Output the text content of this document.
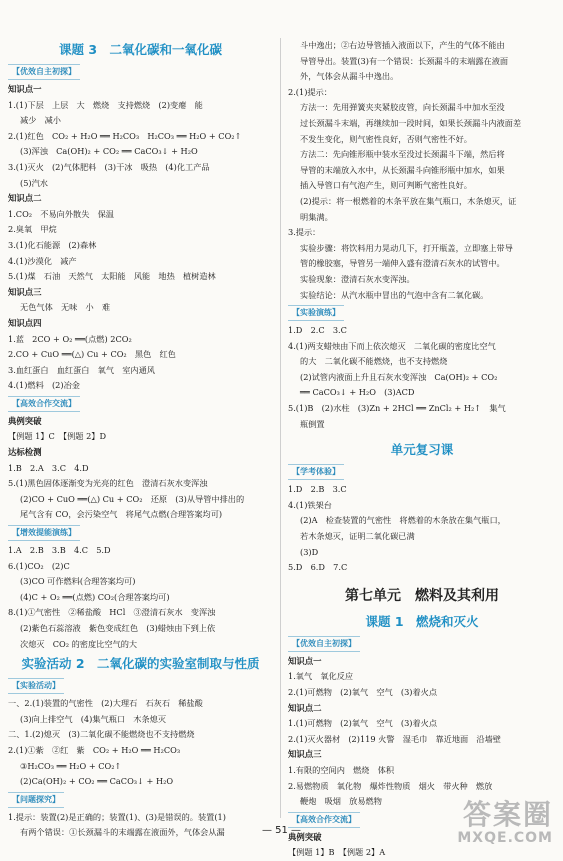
课题 3　二氧化碳和一氧化碳
【优效自主初探】
知识点一
1.(1)下层　上层　大　燃烧　支持燃烧　(2)变瘪　能
减少　减小
2.(1)红色　CO₂ + H₂O ══ H₂CO₃　H₂CO₃ ══ H₂O + CO₂↑
(3)浑浊　Ca(OH)₂ + CO₂ ══ CaCO₃↓ + H₂O
3.(1)灭火　(2)气体肥料　(3)干冰　吸热　(4)化工产品
(5)汽水
知识点二
1.CO₂　不易向外散失　保温
2.臭氧　甲烷
3.(1)化石能源　(2)森林
4.(1)沙漠化　减产
5.(1)煤　石油　天然气　太阳能　风能　地热　植树造林
知识点三
无色气体　无味　小　难
知识点四
1.蓝　2CO + O₂ ══(点燃) 2CO₂
2.CO + CuO ══(△) Cu + CO₂　黑色　红色
3.血红蛋白　血红蛋白　氧气　室内通风
4.(1)燃料　(2)冶金
【高效合作交流】
典例突破
【例题 1】C　【例题 2】D
达标检测
1.B　2.A　3.C　4.D
5.(1)黑色固体逐渐变为光亮的红色　澄清石灰水变浑浊
(2)CO + CuO ══(△) Cu + CO₂　还原　(3)从导管中排出的
尾气含有 CO，会污染空气　将尾气点燃(合理答案均可)
【增效提能演练】
1.A　2.B　3.B　4.C　5.D
6.(1)CO₂　(2)C
(3)CO 可作燃料(合理答案均可)
(4)C + O₂ ══(点燃) CO₂(合理答案均可)
8.(1)①气密性　②稀盐酸　HCl　③澄清石灰水　变浑浊
(2)紫色石蕊溶液　紫色变成红色　(3)蜡烛由下到上依
次熄灭　CO₂ 的密度比空气的大
实验活动 2　二氧化碳的实验室制取与性质
【实验活动】
一、2.(1)装置的气密性　(2)大理石　石灰石　稀盐酸
(3)向上排空气　(4)集气瓶口　木条熄灭
二、1.(2)熄灭　(3)二氧化碳不能燃烧也不支持燃烧
2.(1)①紫　②红　紫　CO₂ + H₂O ══ H₂CO₃
③H₂CO₃ ══ H₂O + CO₂↑
(2)Ca(OH)₂ + CO₂ ══ CaCO₃↓ + H₂O
【问题探究】
1.提示：装置(2)是正确的；装置(1)、(3)是错误的。装置(1)
有两个错误：①长颈漏斗的末端露在液面外，气体会从漏
斗中逸出；②右边导管插入液面以下，产生的气体不能由
导管导出。装置(3)有一个错误：长颈漏斗的末端露在液面
外，气体会从漏斗中逸出。
2.(1)提示：
方法一：先用弹簧夹夹紧胶皮管，向长颈漏斗中加水至没
过长颈漏斗末端，再继续加一段时间，如果长颈漏斗内液面差
不发生变化，则气密性良好，否则气密性不好。
方法二：先向锥形瓶中装水至没过长颈漏斗下端，然后将
导管的末端放入水中，从长颈漏斗向锥形瓶中加水，如果
插入导管口有气泡产生，则可判断气密性良好。
(2)提示：将一根燃着的木条平放在集气瓶口，木条熄灭，证
明集满。
3.提示：
实验步骤：将饮料用力晃动几下，打开瓶盖，立即塞上带导
管的橡胶塞，导管另一端伸入盛有澄清石灰水的试管中。
实验现象：澄清石灰水变浑浊。
实验结论：从汽水瓶中冒出的气泡中含有二氧化碳。
【实验演练】
1.D　2.C　3.C
4.(1)两支蜡烛由下而上依次熄灭　二氧化碳的密度比空气
的大　二氧化碳不能燃烧，也不支持燃烧
(2)试管内液面上升且石灰水变浑浊　Ca(OH)₂ + CO₂
══ CaCO₃↓ + H₂O　(3)ACD
5.(1)B　(2)水柱　(3)Zn + 2HCl ══ ZnCl₂ + H₂↑　集气
瓶倒置
单元复习课
【学考体验】
1.D　2.B　3.C
4.(1)铁架台
(2)A　检查装置的气密性　将燃着的木条放在集气瓶口，
若木条熄灭，证明二氧化碳已满
(3)D
5.D　6.D　7.C
第七单元　燃料及其利用
课题 1　燃烧和灭火
【优效自主初探】
知识点一
1.氧气　氧化反应
2.(1)可燃物　(2)氧气　空气　(3)着火点
知识点二
1.(1)可燃物　(2)氧气　空气　(3)着火点
2.(1)灭火器材　(2)119 火警　湿毛巾　靠近地面　沿墙壁
知识点三
1.有限的空间内　燃烧　体积
2.易燃物质　氧化物　爆炸性物质　烟火　带火种　燃放
鞭炮　吸烟　放易燃物
【高效合作交流】
典例突破
【例题 1】B　【例题 2】A
— 51 —	答案圈
MXQE.COM
